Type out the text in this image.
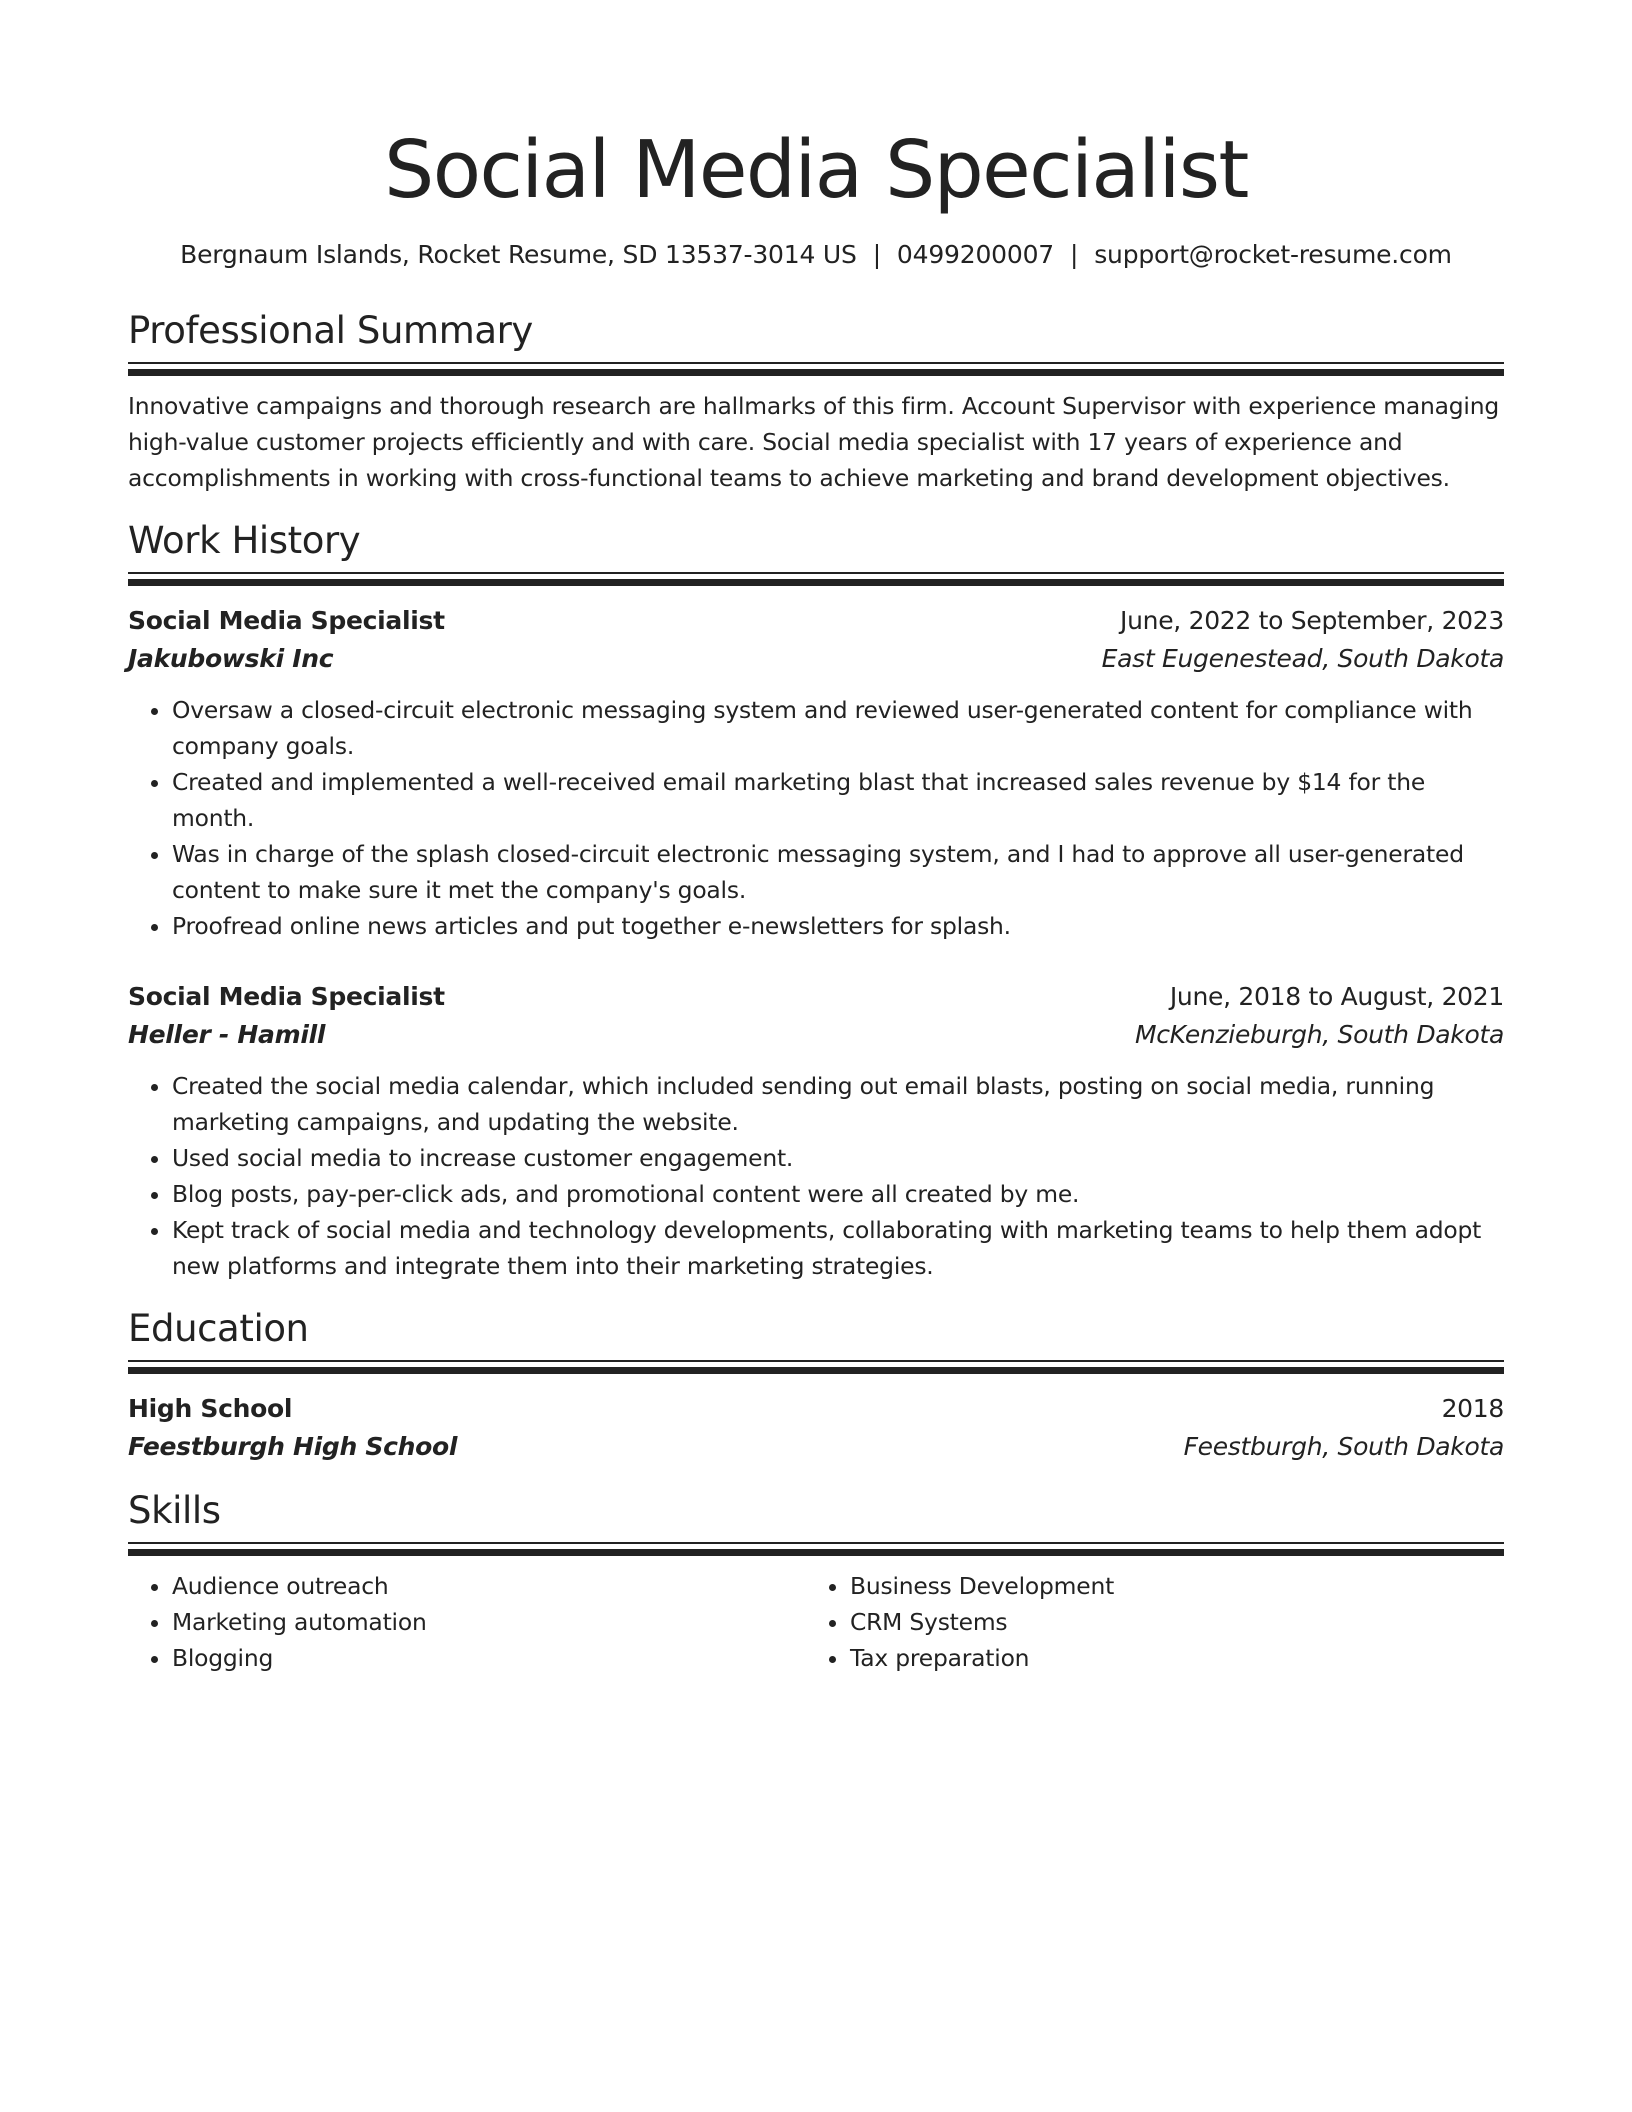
Social Media Specialist
Bergnaum Islands, Rocket Resume, SD 13537-3014 US | 0499200007 | support@rocket-resume.com
Professional Summary
Innovative campaigns and thorough research are hallmarks of this firm. Account Supervisor with experience managing high-value customer projects efficiently and with care. Social media specialist with 17 years of experience and accomplishments in working with cross-functional teams to achieve marketing and brand development objectives.
Work History
Social Media Specialist	June, 2022 to September, 2023
Jakubowski Inc	East Eugenestead, South Dakota
• Oversaw a closed-circuit electronic messaging system and reviewed user-generated content for compliance with company goals.
• Created and implemented a well-received email marketing blast that increased sales revenue by $14 for the month.
• Was in charge of the splash closed-circuit electronic messaging system, and I had to approve all user-generated content to make sure it met the company's goals.
• Proofread online news articles and put together e-newsletters for splash.
Social Media Specialist	June, 2018 to August, 2021
Heller - Hamill	McKenzieburgh, South Dakota
• Created the social media calendar, which included sending out email blasts, posting on social media, running marketing campaigns, and updating the website.
• Used social media to increase customer engagement.
• Blog posts, pay-per-click ads, and promotional content were all created by me.
• Kept track of social media and technology developments, collaborating with marketing teams to help them adopt new platforms and integrate them into their marketing strategies.
Education
High School	2018
Feestburgh High School	Feestburgh, South Dakota
Skills
• Audience outreach
• Marketing automation
• Blogging
• Business Development
• CRM Systems
• Tax preparation
